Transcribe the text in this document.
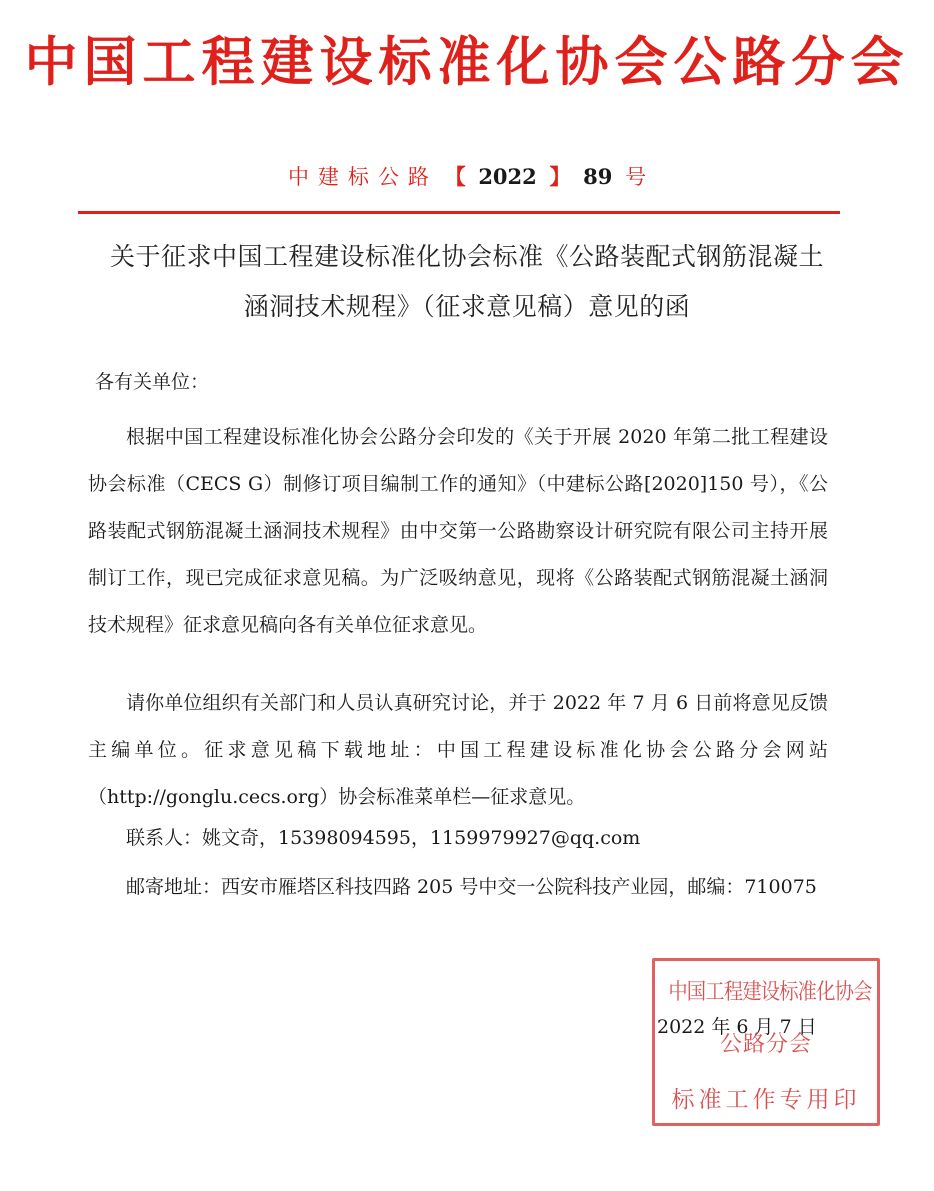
中国工程建设标准化协会公路分会
中建标公路 【 2022 】 89 号
关于征求中国工程建设标准化协会标准《公路装配式钢筋混凝土
涵洞技术规程》（征求意见稿）意见的函
各有关单位：
根据中国工程建设标准化协会公路分会印发的《关于开展 2020 年第二批工程建设协会标准（CECS G）制修订项目编制工作的通知》（中建标公路[2020]150 号），《公路装配式钢筋混凝土涵洞技术规程》由中交第一公路勘察设计研究院有限公司主持开展制订工作，现已完成征求意见稿。为广泛吸纳意见，现将《公路装配式钢筋混凝土涵洞技术规程》征求意见稿向各有关单位征求意见。
请你单位组织有关部门和人员认真研究讨论，并于 2022 年 7 月 6 日前将意见反馈主编单位。征求意见稿下载地址：中国工程建设标准化协会公路分会网站（http://gonglu.cecs.org）协会标准菜单栏—征求意见。
联系人：姚文奇，15398094595，1159979927@qq.com
邮寄地址：西安市雁塔区科技四路 205 号中交一公院科技产业园，邮编：710075
中国工程建设标准化协会
公路分会
标准工作专用印
2022 年 6 月 7 日
